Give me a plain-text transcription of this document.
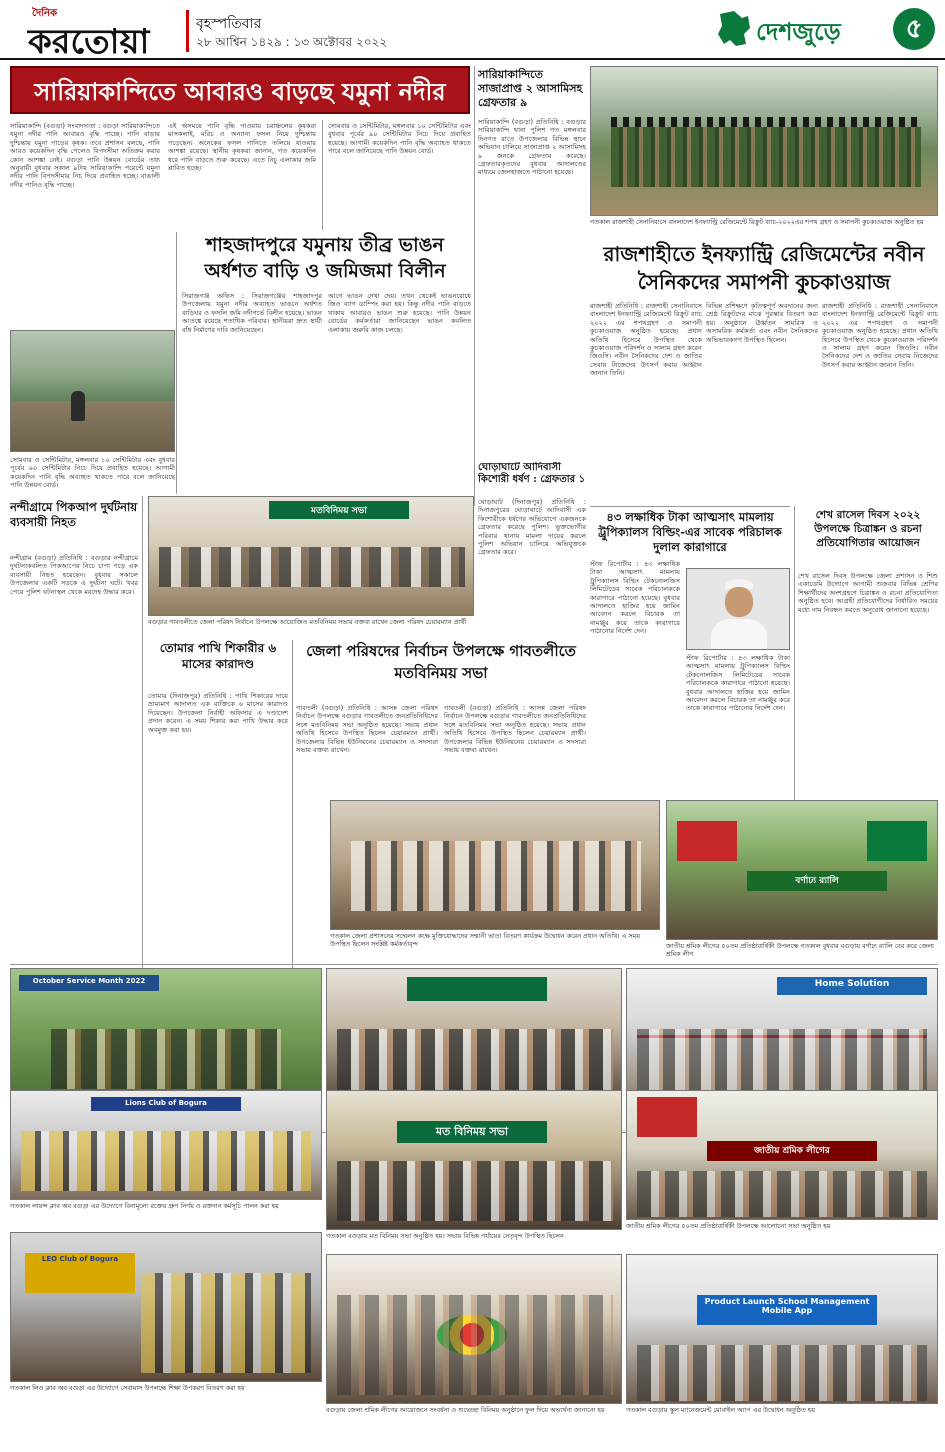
দৈনিক
করতোয়া	বৃহস্পতিবার
২৮ আশ্বিন ১৪২৯ : ১৩ অক্টোবর ২০২২	দেশজুড়ে	৫
সারিয়াকান্দিতে আবারও বাড়ছে যমুনা নদীর
সারিয়াকান্দি (বগুড়া) সংবাদদাতা : বগুড়া সারিয়াকান্দিতে যমুনা নদীর পানি আবারও বৃদ্ধি পাচ্ছে। পানি বাড়ায় দুশ্চিন্তায় যমুনা পাড়ের কৃষক। তবে প্রশাসন বলছে, পানি আরও কয়েকদিন বৃদ্ধি পেলেও বিপদসীমা অতিক্রম করার কোন আশঙ্কা নেই। বগুড়া পানি উন্নয়ন বোর্ডের তথ্য অনুযায়ী বুধবার সকাল ৯টায় সারিয়াকান্দি পয়েন্টে যমুনা নদীর পানি বিপদসীমার নিচ দিয়ে প্রবাহিত হচ্ছে। বাঙালী নদীর পানিও বৃদ্ধি পাচ্ছে।
এই অসময়ে পানি বৃদ্ধি পাওয়ায় চরাঞ্চলের কৃষকরা মাসকলাই, মরিচ ও অন্যান্য ফসল নিয়ে দুশ্চিন্তায় পড়েছেন। অনেকের ফসল পানিতে তলিয়ে যাওয়ার আশঙ্কা রয়েছে। স্থানীয় কৃষকরা জানান, গত কয়েকদিন ধরে পানি বাড়তে শুরু করেছে। এতে নিচু এলাকার জমি প্লাবিত হচ্ছে।
সোমবার ও সেন্টিমিটার, মঙ্গলবার ১০ সেন্টিমিটার এবং বুধবার পূর্বের ৯০ সেন্টিমিটার নিচে দিয়ে প্রবাহিত হয়েছে। আগামী কয়েকদিন পানি বৃদ্ধি অব্যাহত থাকতে পারে বলে জানিয়েছে পানি উন্নয়ন বোর্ড।
সোমবার ও সেন্টিমিটার, মঙ্গলবার ১০ সেন্টিমিটার এবং বুধবার পূর্বের ৯০ সেন্টিমিটার নিচে দিয়ে প্রবাহিত হয়েছে। আগামী কয়েকদিন পানি বৃদ্ধি অব্যাহত থাকতে পারে বলে জানিয়েছে পানি উন্নয়ন বোর্ড।
শাহজাদপুরে যমুনায় তীব্র ভাঙন অর্ধশত বাড়ি ও জমিজমা বিলীন
সিরাজগঞ্জ অফিস : সিরাজগঞ্জের শাহজাদপুর উপজেলায় যমুনা নদীর অব্যাহত ভাঙনে অর্ধশত বাড়িঘর ও ফসলি জমি নদীগর্ভে বিলীন হয়েছে। ভাঙন আতঙ্কে রয়েছে শতাধিক পরিবার। স্থানীয়রা দ্রুত স্থায়ী বাঁধ নির্মাণের দাবি জানিয়েছেন।
আগে ভাঙন দেখা দেয়। তখন থেকেই ভাঙনরোধে জিও ব্যাগ ডাম্পিং করা হয়। কিন্তু নদীর পানি বাড়তে থাকায় আবারও ভাঙন শুরু হয়েছে। পানি উন্নয়ন বোর্ডের কর্মকর্তারা জানিয়েছেন ভাঙন কবলিত এলাকায় জরুরি কাজ চলছে।
সারিয়াকান্দিতে সাজাপ্রাপ্ত ২ আসামিসহ গ্রেফতার ৯
সারিয়াকান্দি (বগুড়া) প্রতিনিধি : বগুড়ার সারিয়াকান্দি থানা পুলিশ গত মঙ্গলবার দিনগত রাতে উপজেলার বিভিন্ন স্থানে অভিযান চালিয়ে সাজাপ্রাপ্ত ২ আসামিসহ ৯ জনকে গ্রেফতার করেছে। গ্রেফতারকৃতদের বুধবার আদালতের মাধ্যমে জেলহাজতে পাঠানো হয়েছে।
ঘোড়াঘাটে আদিবাসী কিশোরী ধর্ষণ : গ্রেফতার ১
ঘোড়াঘাট (দিনাজপুর) প্রতিনিধি : দিনাজপুরের ঘোড়াঘাটে আদিবাসী এক কিশোরীকে ধর্ষণের অভিযোগে একজনকে গ্রেফতার করেছে পুলিশ। ভুক্তভোগীর পরিবার থানায় মামলা দায়ের করলে পুলিশ অভিযান চালিয়ে অভিযুক্তকে গ্রেফতার করে।
গতকাল রাজশাহী সেনানিবাসে বাংলাদেশ ইনফ্যান্ট্রি রেজিমেন্টে রিক্রুট ব্যাচ-২০২২এর শপথ গ্রহণ ও সমাপনী কুচকাওয়াজ অনুষ্ঠিত হয়
রাজশাহীতে ইনফ্যান্ট্রি রেজিমেন্টের নবীন সৈনিকদের সমাপনী কুচকাওয়াজ
রাজশাহী প্রতিনিধি : রাজশাহী সেনানিবাসে বাংলাদেশ ইনফ্যান্ট্রি রেজিমেন্টে রিক্রুট ব্যাচ ২০২২ এর শপথগ্রহণ ও সমাপনী কুচকাওয়াজ অনুষ্ঠিত হয়েছে। প্রধান অতিথি হিসেবে উপস্থিত থেকে কুচকাওয়াজ পরিদর্শন ও সালাম গ্রহণ করেন জিওসি। নবীন সৈনিকদের দেশ ও জাতির সেবায় নিজেদের উৎসর্গ করার আহ্বান জানান তিনি।
বিভিন্ন প্রশিক্ষণে কৃতিত্বপূর্ণ অবদানের জন্য শ্রেষ্ঠ রিক্রুটদের মাঝে পুরস্কার বিতরণ করা হয়। অনুষ্ঠানে ঊর্ধ্বতন সামরিক ও অসামরিক কর্মকর্তা এবং নবীন সৈনিকদের অভিভাবকগণ উপস্থিত ছিলেন।
রাজশাহী প্রতিনিধি : রাজশাহী সেনানিবাসে বাংলাদেশ ইনফ্যান্ট্রি রেজিমেন্টে রিক্রুট ব্যাচ ২০২২ এর শপথগ্রহণ ও সমাপনী কুচকাওয়াজ অনুষ্ঠিত হয়েছে। প্রধান অতিথি হিসেবে উপস্থিত থেকে কুচকাওয়াজ পরিদর্শন ও সালাম গ্রহণ করেন জিওসি। নবীন সৈনিকদের দেশ ও জাতির সেবায় নিজেদের উৎসর্গ করার আহ্বান জানান তিনি।
৪৩ লক্ষাধিক টাকা আত্মসাৎ মামলায় ট্রুপিক্যালস বিল্ডিং-এর সাবেক পরিচালক দুলাল কারাগারে
স্টাফ রিপোর্টার : ৪৩ লক্ষাধিক টাকা আত্মসাৎ মামলায় ট্রুপিক্যালস বিল্ডিং টেকনোলজিস লিমিটেডের সাবেক পরিচালককে কারাগারে পাঠানো হয়েছে। বুধবার আদালতে হাজির হয়ে জামিন আবেদন করলে বিচারক তা নামঞ্জুর করে তাকে কারাগারে পাঠানোর নির্দেশ দেন।
স্টাফ রিপোর্টার : ৪৩ লক্ষাধিক টাকা আত্মসাৎ মামলায় ট্রুপিক্যালস বিল্ডিং টেকনোলজিস লিমিটেডের সাবেক পরিচালককে কারাগারে পাঠানো হয়েছে। বুধবার আদালতে হাজির হয়ে জামিন আবেদন করলে বিচারক তা নামঞ্জুর করে তাকে কারাগারে পাঠানোর নির্দেশ দেন।
শেখ রাসেল দিবস ২০২২ উপলক্ষে চিত্রাঙ্কন ও রচনা প্রতিযোগিতার আয়োজন
শেখ রাসেল দিবস উপলক্ষে জেলা প্রশাসন ও শিশু একাডেমি উদ্যোগে আগামী শুক্রবার বিভিন্ন শ্রেণির শিক্ষার্থীদের অংশগ্রহণে চিত্রাঙ্কন ও রচনা প্রতিযোগিতা অনুষ্ঠিত হবে। আগ্রহী প্রতিযোগীদের নির্ধারিত সময়ের মধ্যে নাম নিবন্ধন করতে অনুরোধ জানানো হয়েছে।
মতবিনিময় সভা
বগুড়ার গাবতলীতে জেলা পরিষদ নির্বাচন উপলক্ষে আয়োজিত মতবিনিময় সভায় বক্তব্য রাখেন জেলা পরিষদ চেয়ারম্যান প্রার্থী
নন্দীগ্রামে পিকআপ দুর্ঘটনায় ব্যবসায়ী নিহত
নন্দীগ্রাম (বগুড়া) প্রতিনিধি : বগুড়ার নন্দীগ্রামে দুর্ঘটনাকবলিত পিকআপের নিচে চাপা পড়ে এক ব্যবসায়ী নিহত হয়েছেন। বুধবার সকালে উপজেলার একটি সড়কে এ দুর্ঘটনা ঘটে। খবর পেয়ে পুলিশ ঘটনাস্থল থেকে মরদেহ উদ্ধার করে।
তোমার পাখি শিকারীর ৬ মাসের কারাদণ্ড
তোমার (দিনাজপুর) প্রতিনিধি : পাখি শিকারের দায়ে ভ্রাম্যমাণ আদালত এক ব্যক্তিকে ৬ মাসের কারাদণ্ড দিয়েছেন। উপজেলা নির্বাহী অফিসার এ দণ্ডাদেশ প্রদান করেন। এ সময় শিকার করা পাখি উদ্ধার করে অবমুক্ত করা হয়।
জেলা পরিষদের নির্বাচন উপলক্ষে গাবতলীতে মতবিনিময় সভা
গাবতলী (বগুড়া) প্রতিনিধি : আসন্ন জেলা পরিষদ নির্বাচন উপলক্ষে বগুড়ার গাবতলীতে জনপ্রতিনিধিদের সঙ্গে মতবিনিময় সভা অনুষ্ঠিত হয়েছে। সভায় প্রধান অতিথি হিসেবে উপস্থিত ছিলেন চেয়ারম্যান প্রার্থী। উপজেলার বিভিন্ন ইউনিয়নের চেয়ারম্যান ও সদস্যরা সভায় বক্তব্য রাখেন।
গাবতলী (বগুড়া) প্রতিনিধি : আসন্ন জেলা পরিষদ নির্বাচন উপলক্ষে বগুড়ার গাবতলীতে জনপ্রতিনিধিদের সঙ্গে মতবিনিময় সভা অনুষ্ঠিত হয়েছে। সভায় প্রধান অতিথি হিসেবে উপস্থিত ছিলেন চেয়ারম্যান প্রার্থী। উপজেলার বিভিন্ন ইউনিয়নের চেয়ারম্যান ও সদস্যরা সভায় বক্তব্য রাখেন।
গতকাল জেলা প্রশাসনের সম্মেলন কক্ষে মুক্তিযোদ্ধাদের সম্মানী ভাতা বিতরণ কার্যক্রম উদ্বোধন করেন প্রধান অতিথি। এ সময় উপস্থিত ছিলেন সংশ্লিষ্ট কর্মকর্তাবৃন্দ
বর্ণাঢ্য র‍্যালি
জাতীয় শ্রমিক লীগের ৫০তম প্রতিষ্ঠাবার্ষিকী উপলক্ষে গতকাল বুধবার বগুড়ায় বর্ণাঢ্য র‍্যালি বের করে জেলা শ্রমিক লীগ
October Service Month 2022	Home Solution
Lions Club of Bogura
গতকাল লায়ন্স ক্লাব অব বগুড়া এর উদ্যোগে বিনামূল্যে রক্তের গ্রুপ নির্ণয় ও রক্তদান কর্মসূচি পালন করা হয়
মত বিনিময় সভা
গতকাল বগুড়ায় মত বিনিময় সভা অনুষ্ঠিত হয়। সভায় বিভিন্ন পর্যায়ের নেতৃবৃন্দ উপস্থিত ছিলেন
জাতীয় শ্রমিক লীগের
জাতীয় শ্রমিক লীগের ৫০তম প্রতিষ্ঠাবার্ষিকী উপলক্ষে আলোচনা সভা অনুষ্ঠিত হয়
LEO Club of Bogura
গতকাল লিও ক্লাব অব বগুড়া এর উদ্যোগে সেবামাস উপলক্ষে শিক্ষা উপকরণ বিতরণ করা হয়
বগুড়ায় জেলা শ্রমিক লীগের আয়োজনে সংবর্ধনা ও শুভেচ্ছা বিনিময় অনুষ্ঠানে ফুল দিয়ে অভ্যর্থনা জানানো হয়
Product Launch School Management Mobile App
গতকাল বগুড়ায় স্কুল ম্যানেজমেন্ট মোবাইল অ্যাপ এর উদ্বোধন অনুষ্ঠিত হয়
